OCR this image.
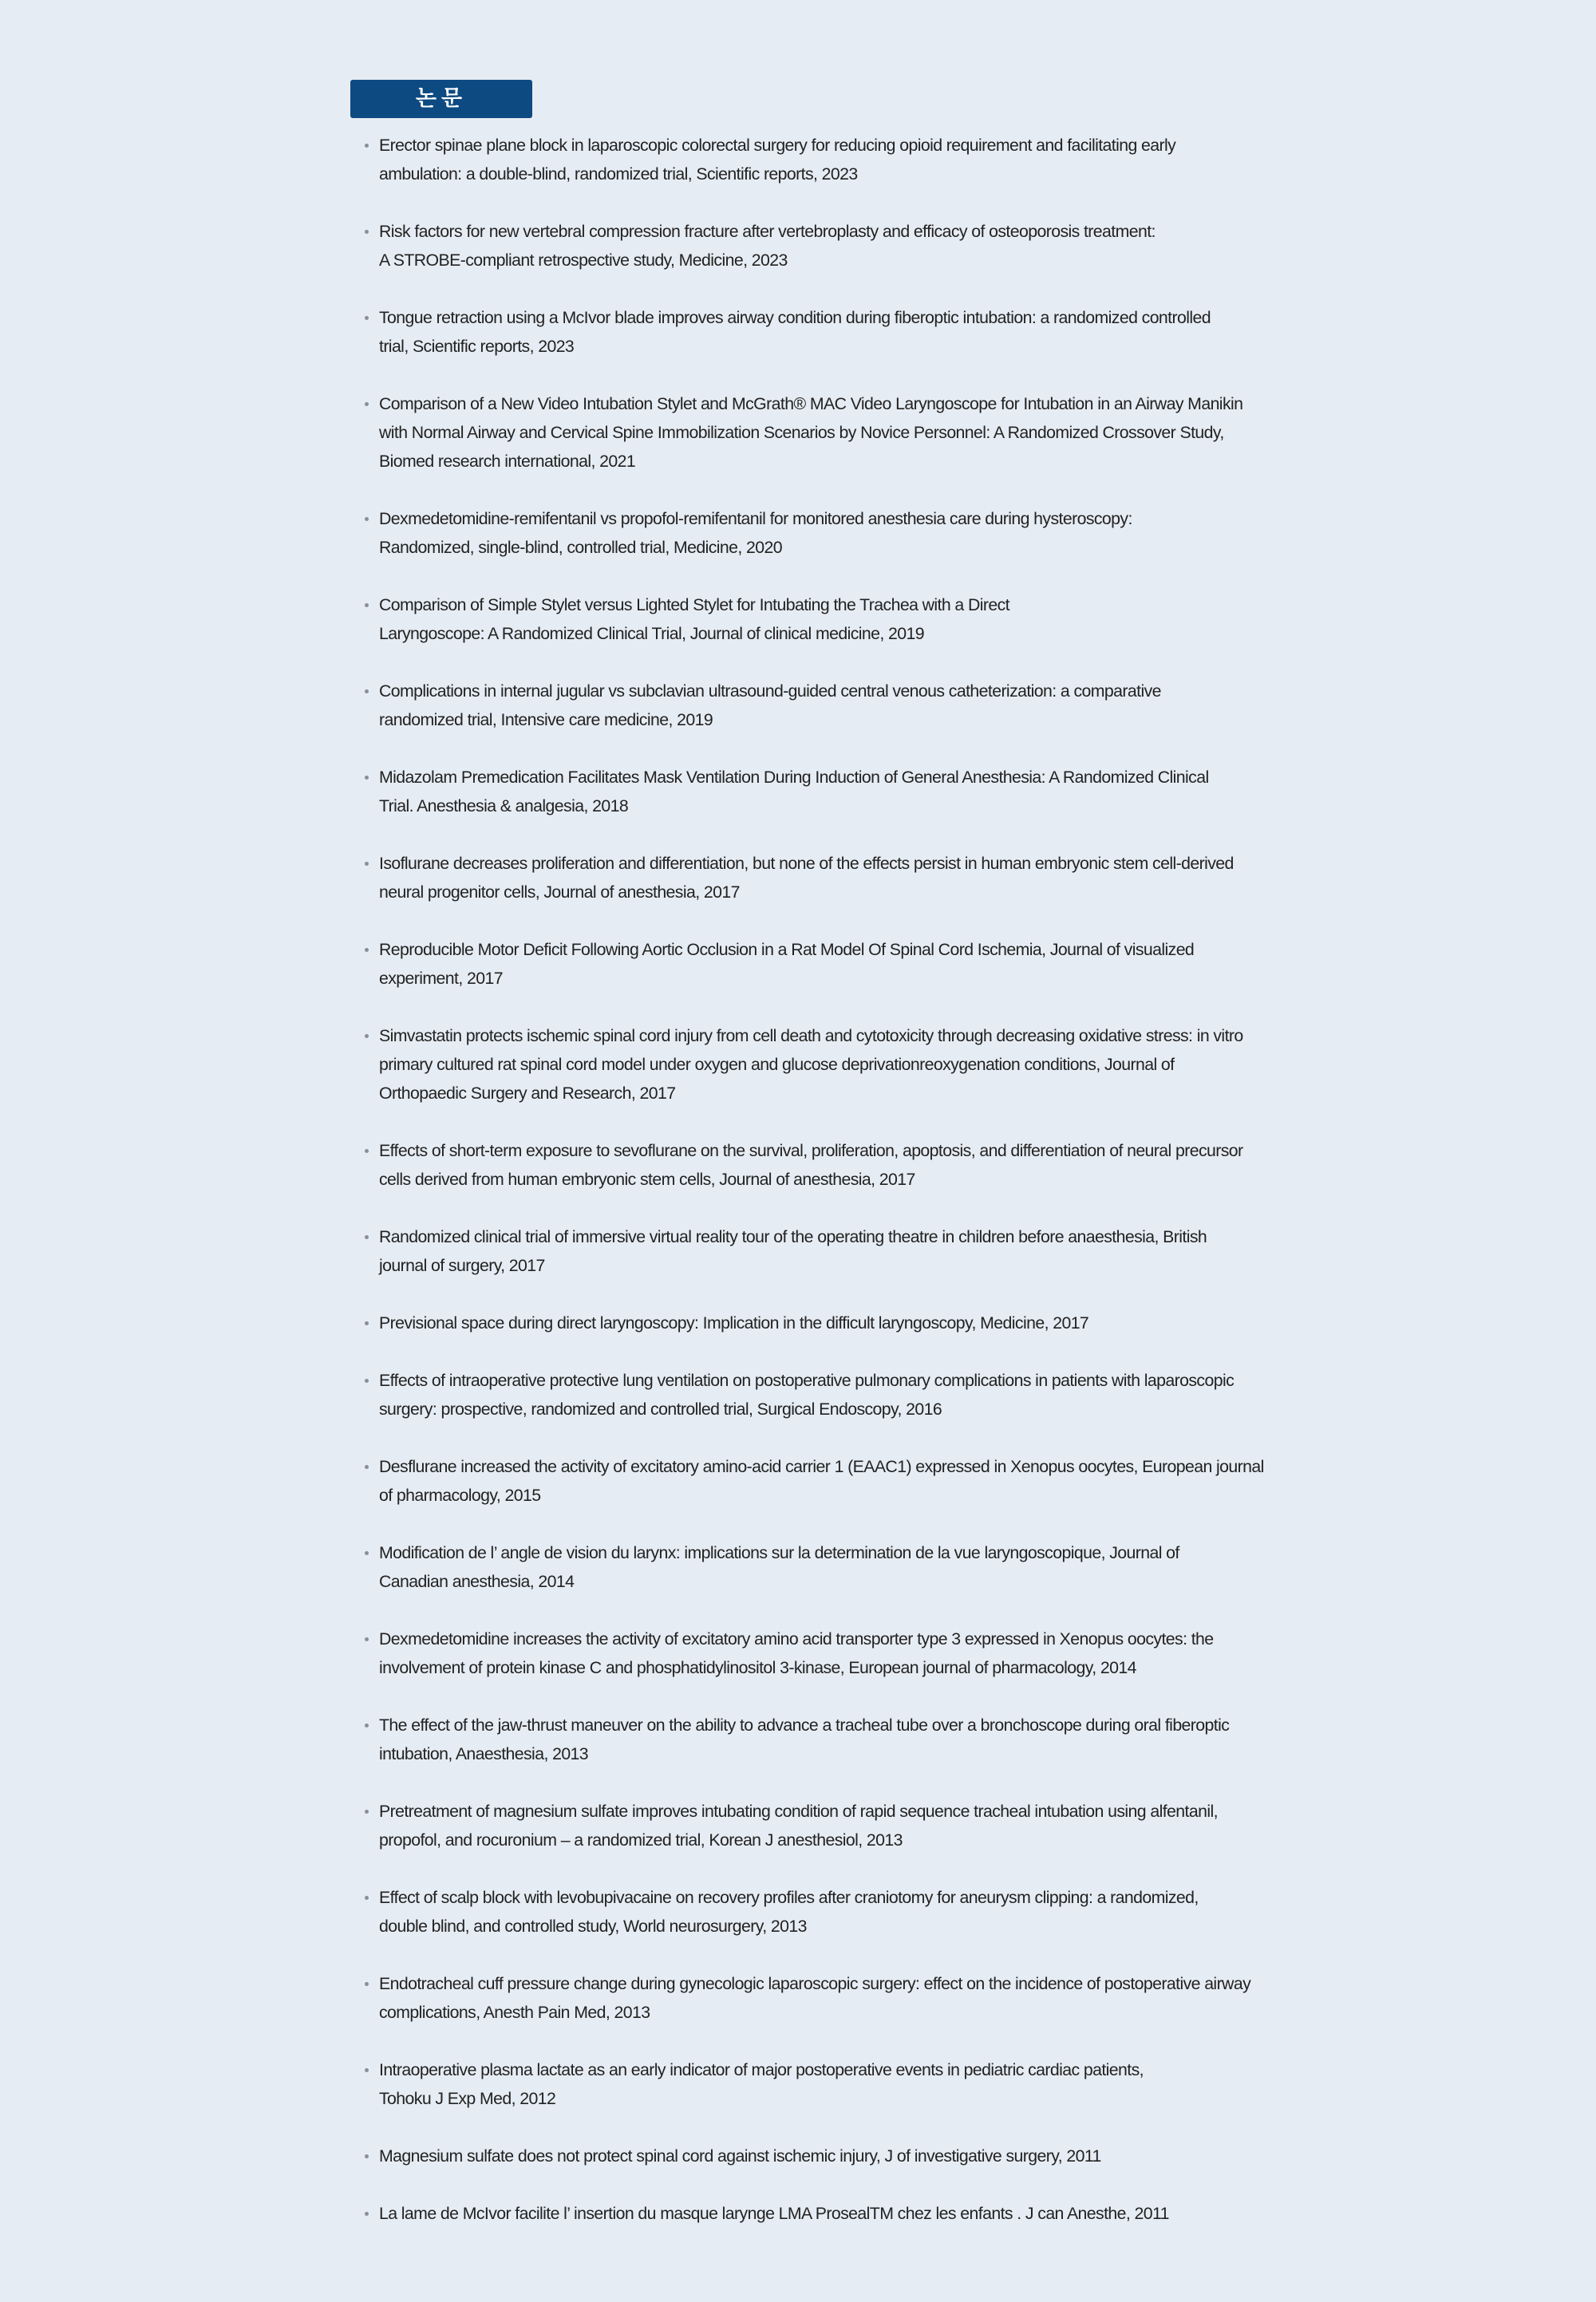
논문
Erector spinae plane block in laparoscopic colorectal surgery for reducing opioid requirement and facilitating early
ambulation: a double-blind, randomized trial, Scientific reports, 2023
Risk factors for new vertebral compression fracture after vertebroplasty and efficacy of osteoporosis treatment:
A STROBE-compliant retrospective study, Medicine, 2023
Tongue retraction using a McIvor blade improves airway condition during fiberoptic intubation: a randomized controlled
trial, Scientific reports, 2023
Comparison of a New Video Intubation Stylet and McGrath® MAC Video Laryngoscope for Intubation in an Airway Manikin
with Normal Airway and Cervical Spine Immobilization Scenarios by Novice Personnel: A Randomized Crossover Study,
Biomed research international, 2021
Dexmedetomidine-remifentanil vs propofol-remifentanil for monitored anesthesia care during hysteroscopy:
Randomized, single-blind, controlled trial, Medicine, 2020
Comparison of Simple Stylet versus Lighted Stylet for Intubating the Trachea with a Direct
Laryngoscope: A Randomized Clinical Trial, Journal of clinical medicine, 2019
Complications in internal jugular vs subclavian ultrasound-guided central venous catheterization: a comparative
randomized trial, Intensive care medicine, 2019
Midazolam Premedication Facilitates Mask Ventilation During Induction of General Anesthesia: A Randomized Clinical
Trial. Anesthesia & analgesia, 2018
Isoflurane decreases proliferation and differentiation, but none of the effects persist in human embryonic stem cell-derived
neural progenitor cells, Journal of anesthesia, 2017
Reproducible Motor Deficit Following Aortic Occlusion in a Rat Model Of Spinal Cord Ischemia, Journal of visualized
experiment, 2017
Simvastatin protects ischemic spinal cord injury from cell death and cytotoxicity through decreasing oxidative stress: in vitro
primary cultured rat spinal cord model under oxygen and glucose deprivationreoxygenation conditions, Journal of
Orthopaedic Surgery and Research, 2017
Effects of short-term exposure to sevoflurane on the survival, proliferation, apoptosis, and differentiation of neural precursor
cells derived from human embryonic stem cells, Journal of anesthesia, 2017
Randomized clinical trial of immersive virtual reality tour of the operating theatre in children before anaesthesia, British
journal of surgery, 2017
Previsional space during direct laryngoscopy: Implication in the difficult laryngoscopy, Medicine, 2017
Effects of intraoperative protective lung ventilation on postoperative pulmonary complications in patients with laparoscopic
surgery: prospective, randomized and controlled trial, Surgical Endoscopy, 2016
Desflurane increased the activity of excitatory amino-acid carrier 1 (EAAC1) expressed in Xenopus oocytes, European journal
of pharmacology, 2015
Modification de l’ angle de vision du larynx: implications sur la determination de la vue laryngoscopique, Journal of
Canadian anesthesia, 2014
Dexmedetomidine increases the activity of excitatory amino acid transporter type 3 expressed in Xenopus oocytes: the
involvement of protein kinase C and phosphatidylinositol 3-kinase, European journal of pharmacology, 2014
The effect of the jaw-thrust maneuver on the ability to advance a tracheal tube over a bronchoscope during oral fiberoptic
intubation, Anaesthesia, 2013
Pretreatment of magnesium sulfate improves intubating condition of rapid sequence tracheal intubation using alfentanil,
propofol, and rocuronium – a randomized trial, Korean J anesthesiol, 2013
Effect of scalp block with levobupivacaine on recovery profiles after craniotomy for aneurysm clipping: a randomized,
double blind, and controlled study, World neurosurgery, 2013
Endotracheal cuff pressure change during gynecologic laparoscopic surgery: effect on the incidence of postoperative airway
complications, Anesth Pain Med, 2013
Intraoperative plasma lactate as an early indicator of major postoperative events in pediatric cardiac patients,
Tohoku J Exp Med, 2012
Magnesium sulfate does not protect spinal cord against ischemic injury, J of investigative surgery, 2011
La lame de McIvor facilite l’ insertion du masque larynge LMA ProsealTM chez les enfants . J can Anesthe, 2011
